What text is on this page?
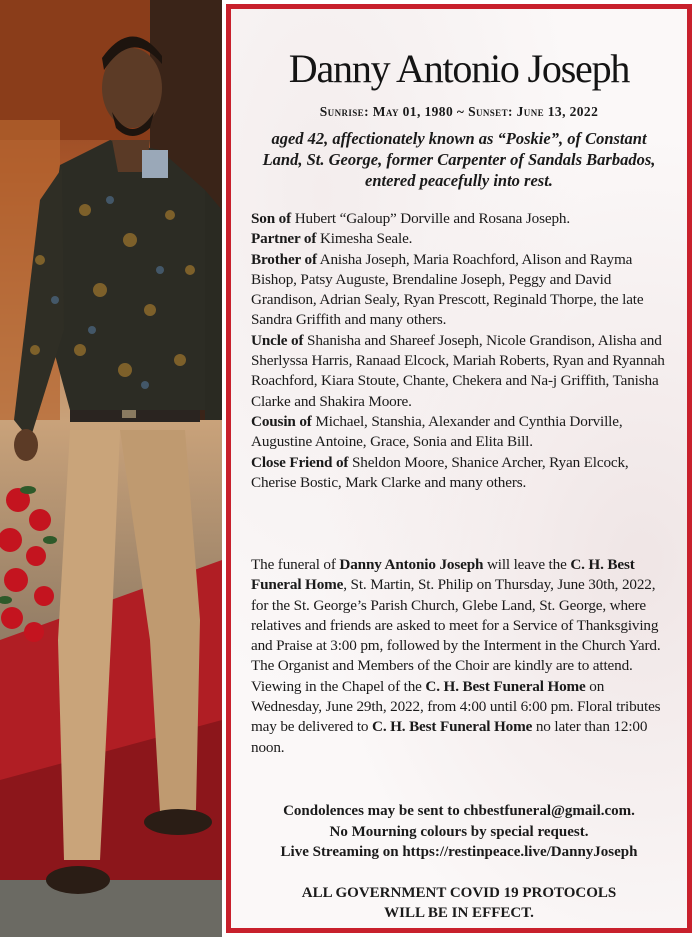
Danny Antonio Joseph
Sunrise: May 01, 1980 ~ Sunset: June 13, 2022
aged 42, affectionately known as “Poskie”, of Constant Land, St. George, former Carpenter of Sandals Barbados, entered peacefully into rest.
Son of Hubert “Galoup” Dorville and Rosana Joseph.
Partner of Kimesha Seale.
Brother of Anisha Joseph, Maria Roachford, Alison and Rayma Bishop, Patsy Auguste, Brendaline Joseph, Peggy and David Grandison, Adrian Sealy, Ryan Prescott, Reginald Thorpe, the late Sandra Griffith and many others.
Uncle of Shanisha and Shareef Joseph, Nicole Grandison, Alisha and Sherlyssa Harris, Ranaad Elcock, Mariah Roberts, Ryan and Ryannah Roachford, Kiara Stoute, Chante, Chekera and Na-j Griffith, Tanisha Clarke and Shakira Moore.
Cousin of Michael, Stanshia, Alexander and Cynthia Dorville, Augustine Antoine, Grace, Sonia and Elita Bill.
Close Friend of Sheldon Moore, Shanice Archer, Ryan Elcock, Cherise Bostic, Mark Clarke and many others.

The funeral of Danny Antonio Joseph will leave the C. H. Best Funeral Home, St. Martin, St. Philip on Thursday, June 30th, 2022, for the St. George’s Parish Church, Glebe Land, St. George, where relatives and friends are asked to meet for a Service of Thanksgiving and Praise at 3:00 pm, followed by the Interment in the Church Yard.

The Organist and Members of the Choir are kindly are to attend. Viewing in the Chapel of the C. H. Best Funeral Home on Wednesday, June 29th, 2022, from 4:00 until 6:00 pm. Floral tributes may be delivered to C. H. Best Funeral Home no later than 12:00 noon.

Condolences may be sent to chbestfuneral@gmail.com.
No Mourning colours by special request.
Live Streaming on https://restinpeace.live/DannyJoseph
ALL GOVERNMENT COVID 19 PROTOCOLS
WILL BE IN EFFECT.
